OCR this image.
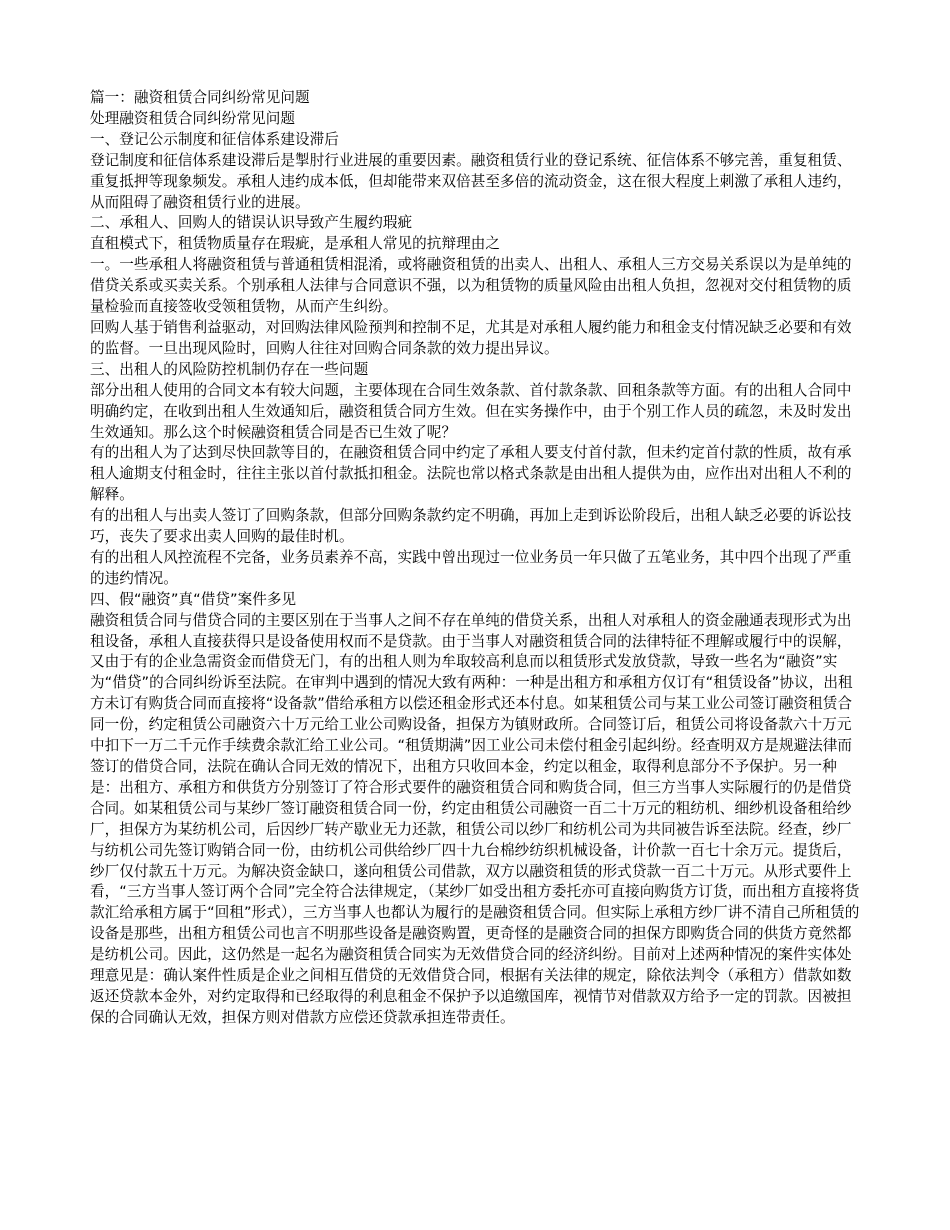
篇一：融资租赁合同纠纷常见问题

处理融资租赁合同纠纷常见问题

一、登记公示制度和征信体系建设滞后

登记制度和征信体系建设滞后是掣肘行业进展的重要因素。融资租赁行业的登记系统、征信体系不够完善，重复租赁、重复抵押等现象频发。承租人违约成本低，但却能带来双倍甚至多倍的流动资金，这在很大程度上刺激了承租人违约，从而阻碍了融资租赁行业的进展。

二、承租人、回购人的错误认识导致产生履约瑕疵

直租模式下，租赁物质量存在瑕疵，是承租人常见的抗辩理由之

一。一些承租人将融资租赁与普通租赁相混淆，或将融资租赁的出卖人、出租人、承租人三方交易关系误以为是单纯的借贷关系或买卖关系。个别承租人法律与合同意识不强，以为租赁物的质量风险由出租人负担，忽视对交付租赁物的质量检验而直接签收受领租赁物，从而产生纠纷。

回购人基于销售利益驱动，对回购法律风险预判和控制不足，尤其是对承租人履约能力和租金支付情况缺乏必要和有效的监督。一旦出现风险时，回购人往往对回购合同条款的效力提出异议。

三、出租人的风险防控机制仍存在一些问题

部分出租人使用的合同文本有较大问题，主要体现在合同生效条款、首付款条款、回租条款等方面。有的出租人合同中明确约定，在收到出租人生效通知后，融资租赁合同方生效。但在实务操作中，由于个别工作人员的疏忽，未及时发出生效通知。那么这个时候融资租赁合同是否已生效了呢？

有的出租人为了达到尽快回款等目的，在融资租赁合同中约定了承租人要支付首付款，但未约定首付款的性质，故有承租人逾期支付租金时，往往主张以首付款抵扣租金。法院也常以格式条款是由出租人提供为由，应作出对出租人不利的解释。

有的出租人与出卖人签订了回购条款，但部分回购条款约定不明确，再加上走到诉讼阶段后，出租人缺乏必要的诉讼技巧，丧失了要求出卖人回购的最佳时机。

有的出租人风控流程不完备，业务员素养不高，实践中曾出现过一位业务员一年只做了五笔业务，其中四个出现了严重的违约情况。

四、假“融资”真“借贷”案件多见

融资租赁合同与借贷合同的主要区别在于当事人之间不存在单纯的借贷关系，出租人对承租人的资金融通表现形式为出租设备，承租人直接获得只是设备使用权而不是贷款。由于当事人对融资租赁合同的法律特征不理解或履行中的误解，又由于有的企业急需资金而借贷无门，有的出租人则为牟取较高利息而以租赁形式发放贷款，导致一些名为“融资”实为“借贷”的合同纠纷诉至法院。在审判中遇到的情况大致有两种：一种是出租方和承租方仅订有“租赁设备”协议，出租方未订有购货合同而直接将“设备款”借给承租方以偿还租金形式还本付息。如某租赁公司与某工业公司签订融资租赁合同一份，约定租赁公司融资六十万元给工业公司购设备，担保方为镇财政所。合同签订后，租赁公司将设备款六十万元中扣下一万二千元作手续费余款汇给工业公司。“租赁期满”因工业公司未偿付租金引起纠纷。经查明双方是规避法律而签订的借贷合同，法院在确认合同无效的情况下，出租方只收回本金，约定以租金，取得利息部分不予保护。另一种是：出租方、承租方和供货方分别签订了符合形式要件的融资租赁合同和购货合同，但三方当事人实际履行的仍是借贷合同。如某租赁公司与某纱厂签订融资租赁合同一份，约定由租赁公司融资一百二十万元的粗纺机、细纱机设备租给纱厂，担保方为某纺机公司，后因纱厂转产歇业无力还款，租赁公司以纱厂和纺机公司为共同被告诉至法院。经查，纱厂与纺机公司先签订购销合同一份，由纺机公司供给纱厂四十九台棉纱纺织机械设备，计价款一百七十余万元。提货后，纱厂仅付款五十万元。为解决资金缺口，遂向租赁公司借款，双方以融资租赁的形式贷款一百二十万元。从形式要件上看，“三方当事人签订两个合同”完全符合法律规定，（某纱厂如受出租方委托亦可直接向购货方订货，而出租方直接将货款汇给承租方属于“回租”形式），三方当事人也都认为履行的是融资租赁合同。但实际上承租方纱厂讲不清自己所租赁的设备是那些，出租方租赁公司也言不明那些设备是融资购置，更奇怪的是融资合同的担保方即购货合同的供货方竟然都是纺机公司。因此，这仍然是一起名为融资租赁合同实为无效借贷合同的经济纠纷。目前对上述两种情况的案件实体处理意见是：确认案件性质是企业之间相互借贷的无效借贷合同，根据有关法律的规定，除依法判令（承租方）借款如数返还贷款本金外，对约定取得和已经取得的利息租金不保护予以追缴国库，视情节对借款双方给予一定的罚款。因被担保的合同确认无效，担保方则对借款方应偿还贷款承担连带责任。
